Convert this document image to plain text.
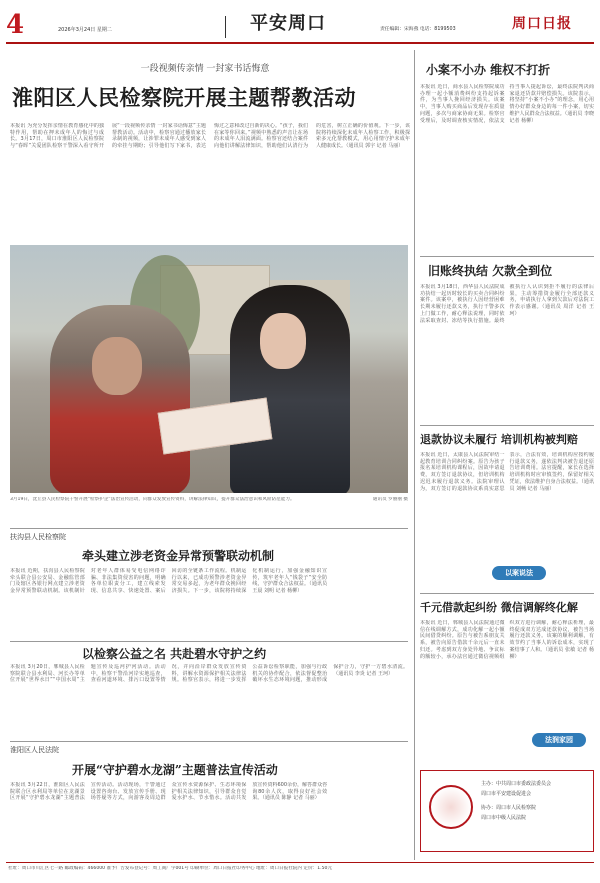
4	2026年3月24日 星期二	平安周口	责任编辑：宋海燕 电话：8199503	周口日报
一段视频传亲情 一封家书话悔意
淮阳区人民检察院开展主题帮教活动
本报讯 为充分发挥亲情在教育感化中的独特作用，帮助在押未成年人的悔过与成长。3月17日，周口市淮阳区人民检察院与“春晖”关爱团队检察干警深入看守所开展“一段视频传亲情 一封家书话悔意”主题帮教活动。活动中，检察官通过播放家长录制的视频，让涉罪未成年人感受到家人的牵挂与期盼；引导他们写下家书，表达悔过之意和改过自新的决心。“孩子，我们在家等你回来。”视频中熟悉的声音让在场的未成年人泪流满面。检察官还结合案件向他们讲解法律知识，帮助他们认清行为的危害，树立正确的价值观。下一步，该院将持续深化未成年人检察工作，积极探索多元化帮教模式，用心用情守护未成年人健康成长。（通讯员 郭宇 记者 马丽）
3月19日，沈丘县人民检察院干警开展“检察护企”法治宣传活动，向群众发放宣传资料，讲解法律知识，提升群众法治意识和风险防范能力。	通讯员 罗丽丽 摄
扶沟县人民检察院
牵头建立涉老资金异常预警联动机制
本报讯 近期，扶沟县人民检察院牵头联合县公安局、金融监管部门及辖区各银行网点建立涉老资金异常预警联动机制。该机制针对老年人群体易受电信网络诈骗、非法集资侵害的问题，明确各单位职责分工，建立线索发现、信息共享、快速处置、案后回访的全链条工作流程。机制运行以来，已成功预警涉老资金异常交易多起，为老年群众挽回经济损失。下一步，该院将持续深化机制运行，加强金融知识宣传，筑牢老年人“钱袋子”安全防线，守护群众合法权益。（通讯员 王晨 刘明 记者 杨柳）
以检察公益之名 共赴碧水守护之约
本报讯 3月20日，郸城县人民检察院联合县水利局、河长办等单位开展“世界水日”“中国水周”主题宣传及巡河护河活动。活动中，检察干警沿河岸实地巡查，查看河道环境、排污口设置等情况，并向沿岸群众发放宣传资料，讲解水资源保护相关法律法规。检察官表示，将进一步发挥公益诉讼检察职能，加强与行政机关的协作配合，依法督促整治破坏水生态环境问题，推动形成保护合力，守护一方碧水清流。（通讯员 李炎 记者 王珂）
淮阳区人民法院
开展“守护碧水龙湖”主题普法宣传活动
本报讯 3月22日，淮阳区人民法院联合区水利局等单位在龙湖景区开展“守护碧水龙湖”主题普法宣传活动。活动现场，干警通过设置咨询台、发放宣传手册、现场答疑等方式，向游客及周边群众宣传水资源保护、生态环境保护相关法律知识，引导群众自觉爱水护水、节水惜水。活动共发放宣传资料600余份，解答群众咨询80余人次，取得良好社会效果。（通讯员 陈静 记者 马丽）
小案不小办 维权不打折
本报讯 近日，商水县人民检察院成功办理一起小额消费纠纷支持起诉案件，为当事人挽回经济损失。该案中，当事人购买商品后发现存在质量问题，多次与商家协商无果。检察官受理后，及时调查核实情况，依法支持当事人提起诉讼，最终法院判决商家退还货款并赔偿损失。该院表示，将坚持“小案不小办”的理念，用心用情办好群众身边的每一件小案，切实维护人民群众合法权益。（通讯员 李晓 记者 杨柳）
旧账终执结 欠款全到位
本报讯 3月18日，西华县人民法院成功执结一起历时较长的买卖合同纠纷案件。该案中，被执行人因经营困难长期未履行还款义务，执行干警多次上门做工作，耐心释法说理，同时依法采取查封、冻结等执行措施。最终被执行人认识到拒不履行的法律后果，主动筹措资金履行全部还款义务，申请执行人拿到欠款后对法院工作表示感谢。（通讯员 周洋 记者 王珂）
退款协议未履行 培训机构被判赔
本报讯 近日，太康县人民法院审结一起教育培训合同纠纷案。原告为孩子报名某培训机构课程后，因故申请退费，双方签订退款协议，但培训机构迟迟未履行退款义务。法院审理认为，双方签订的退款协议系真实意思表示，合法有效，培训机构应按约履行退款义务，遂依法判决被告退还原告培训费用。法官提醒，家长在选择培训机构时应审慎签约，保留好相关凭证，依法维护自身合法权益。（通讯员 刘畅 记者 马丽）
以案说法
千元借款起纠纷 微信调解终化解
本报讯 近日，郸城县人民法院通过微信在线调解方式，成功化解一起小额民间借贷纠纷。原告与被告系朋友关系，被告向原告借款千余元后一直未归还。考虑到双方身处异地、争议标的额较小，承办法官通过微信视频组织双方进行调解，耐心释法析理，最终促成双方达成还款协议，被告当场履行还款义务。该案的顺利调解，有效节约了当事人的诉讼成本，实现了案结事了人和。（通讯员 张敏 记者 杨柳）
法润家园
主办：中共周口市委政法委员会
周口市平安建设促进会
协办：周口市人民检察院
周口市中级人民法院
社址：周口市川汇区七一路 邮政编码：466000 准予广告发布登记号：周工商广字001号 印刷单位：周口日报社印务中心 地址：周口日报社院内 定价：1.50元
